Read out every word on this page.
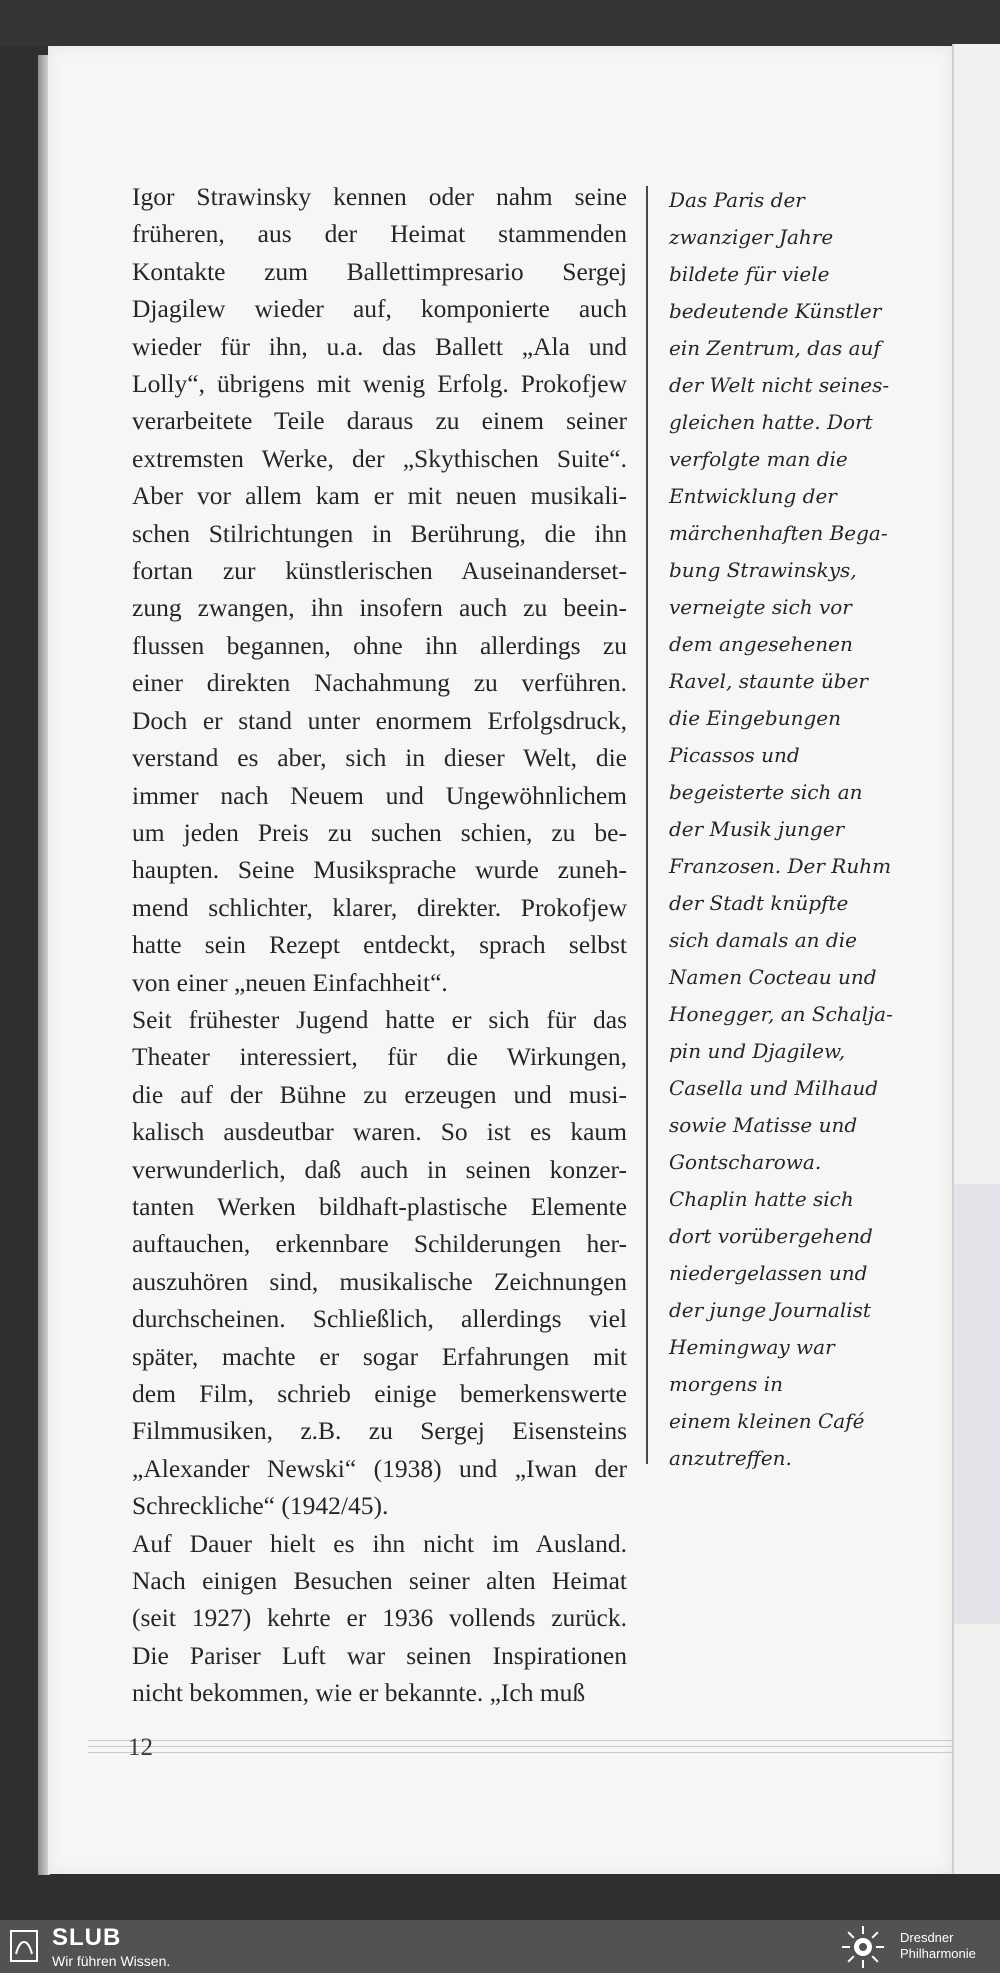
Igor Strawinsky kennen oder nahm seine
früheren, aus der Heimat stammenden
Kontakte zum Ballettimpresario Sergej
Djagilew wieder auf, komponierte auch
wieder für ihn, u.a. das Ballett „Ala und
Lolly“, übrigens mit wenig Erfolg. Prokofjew
verarbeitete Teile daraus zu einem seiner
extremsten Werke, der „Skythischen Suite“.
Aber vor allem kam er mit neuen musikali-
schen Stilrichtungen in Berührung, die ihn
fortan zur künstlerischen Auseinanderset-
zung zwangen, ihn insofern auch zu beein-
flussen begannen, ohne ihn allerdings zu
einer direkten Nachahmung zu verführen.
Doch er stand unter enormem Erfolgsdruck,
verstand es aber, sich in dieser Welt, die
immer nach Neuem und Ungewöhnlichem
um jeden Preis zu suchen schien, zu be-
haupten. Seine Musiksprache wurde zuneh-
mend schlichter, klarer, direkter. Prokofjew
hatte sein Rezept entdeckt, sprach selbst
von einer „neuen Einfachheit“.
Seit frühester Jugend hatte er sich für das
Theater interessiert, für die Wirkungen,
die auf der Bühne zu erzeugen und musi-
kalisch ausdeutbar waren. So ist es kaum
verwunderlich, daß auch in seinen konzer-
tanten Werken bildhaft-plastische Elemente
auftauchen, erkennbare Schilderungen her-
auszuhören sind, musikalische Zeichnungen
durchscheinen. Schließlich, allerdings viel
später, machte er sogar Erfahrungen mit
dem Film, schrieb einige bemerkenswerte
Filmmusiken, z.B. zu Sergej Eisensteins
„Alexander Newski“ (1938) und „Iwan der
Schreckliche“ (1942/45).
Auf Dauer hielt es ihn nicht im Ausland.
Nach einigen Besuchen seiner alten Heimat
(seit 1927) kehrte er 1936 vollends zurück.
Die Pariser Luft war seinen Inspirationen
nicht bekommen, wie er bekannte. „Ich muß
Das Paris der
zwanziger Jahre
bildete für viele
bedeutende Künstler
ein Zentrum, das auf
der Welt nicht seines-
gleichen hatte. Dort
verfolgte man die
Entwicklung der
märchenhaften Bega-
bung Strawinskys,
verneigte sich vor
dem angesehenen
Ravel, staunte über
die Eingebungen
Picassos und
begeisterte sich an
der Musik junger
Franzosen. Der Ruhm
der Stadt knüpfte
sich damals an die
Namen Cocteau und
Honegger, an Schalja-
pin und Djagilew,
Casella und Milhaud
sowie Matisse und
Gontscharowa.
Chaplin hatte sich
dort vorübergehend
niedergelassen und
der junge Journalist
Hemingway war
morgens in
einem kleinen Café
anzutreffen.
12
SLUB
Wir führen Wissen.
Dresdner
Philharmonie
